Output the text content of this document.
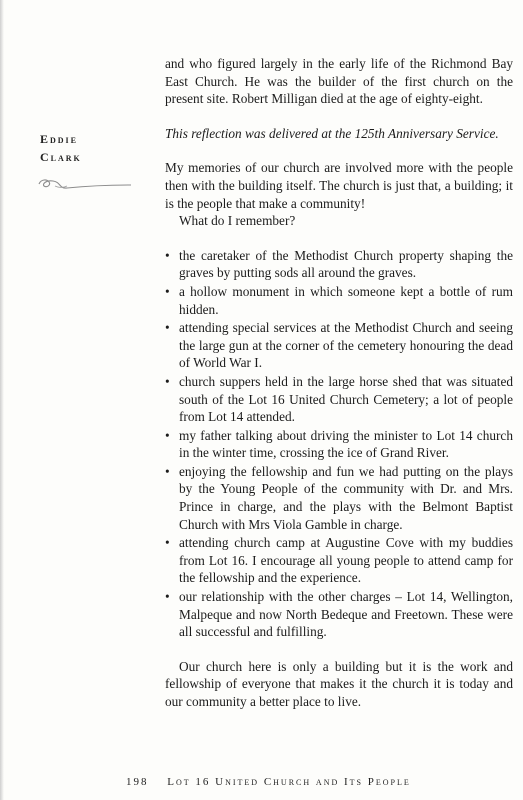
Eddie
Clark

and who figured largely in the early life of the Richmond Bay East Church. He was the builder of the first church on the present site. Robert Milligan died at the age of eighty-eight.

This reflection was delivered at the 125th Anniversary Service.

My memories of our church are involved more with the people then with the building itself. The church is just that, a building; it is the people that make a community!

What do I remember?

• the caretaker of the Methodist Church property shaping the graves by putting sods all around the graves.
• a hollow monument in which someone kept a bottle of rum hidden.
• attending special services at the Methodist Church and seeing the large gun at the corner of the cemetery honouring the dead of World War I.
• church suppers held in the large horse shed that was situated south of the Lot 16 United Church Cemetery; a lot of people from Lot 14 attended.
• my father talking about driving the minister to Lot 14 church in the winter time, crossing the ice of Grand River.
• enjoying the fellowship and fun we had putting on the plays by the Young People of the community with Dr. and Mrs. Prince in charge, and the plays with the Belmont Baptist Church with Mrs Viola Gamble in charge.
• attending church camp at Augustine Cove with my buddies from Lot 16. I encourage all young people to attend camp for the fellowship and the experience.
• our relationship with the other charges – Lot 14, Wellington, Malpeque and now North Bedeque and Freetown. These were all successful and fulfilling.

Our church here is only a building but it is the work and fellowship of everyone that makes it the church it is today and our community a better place to live.

198 Lot 16 United Church and Its People
